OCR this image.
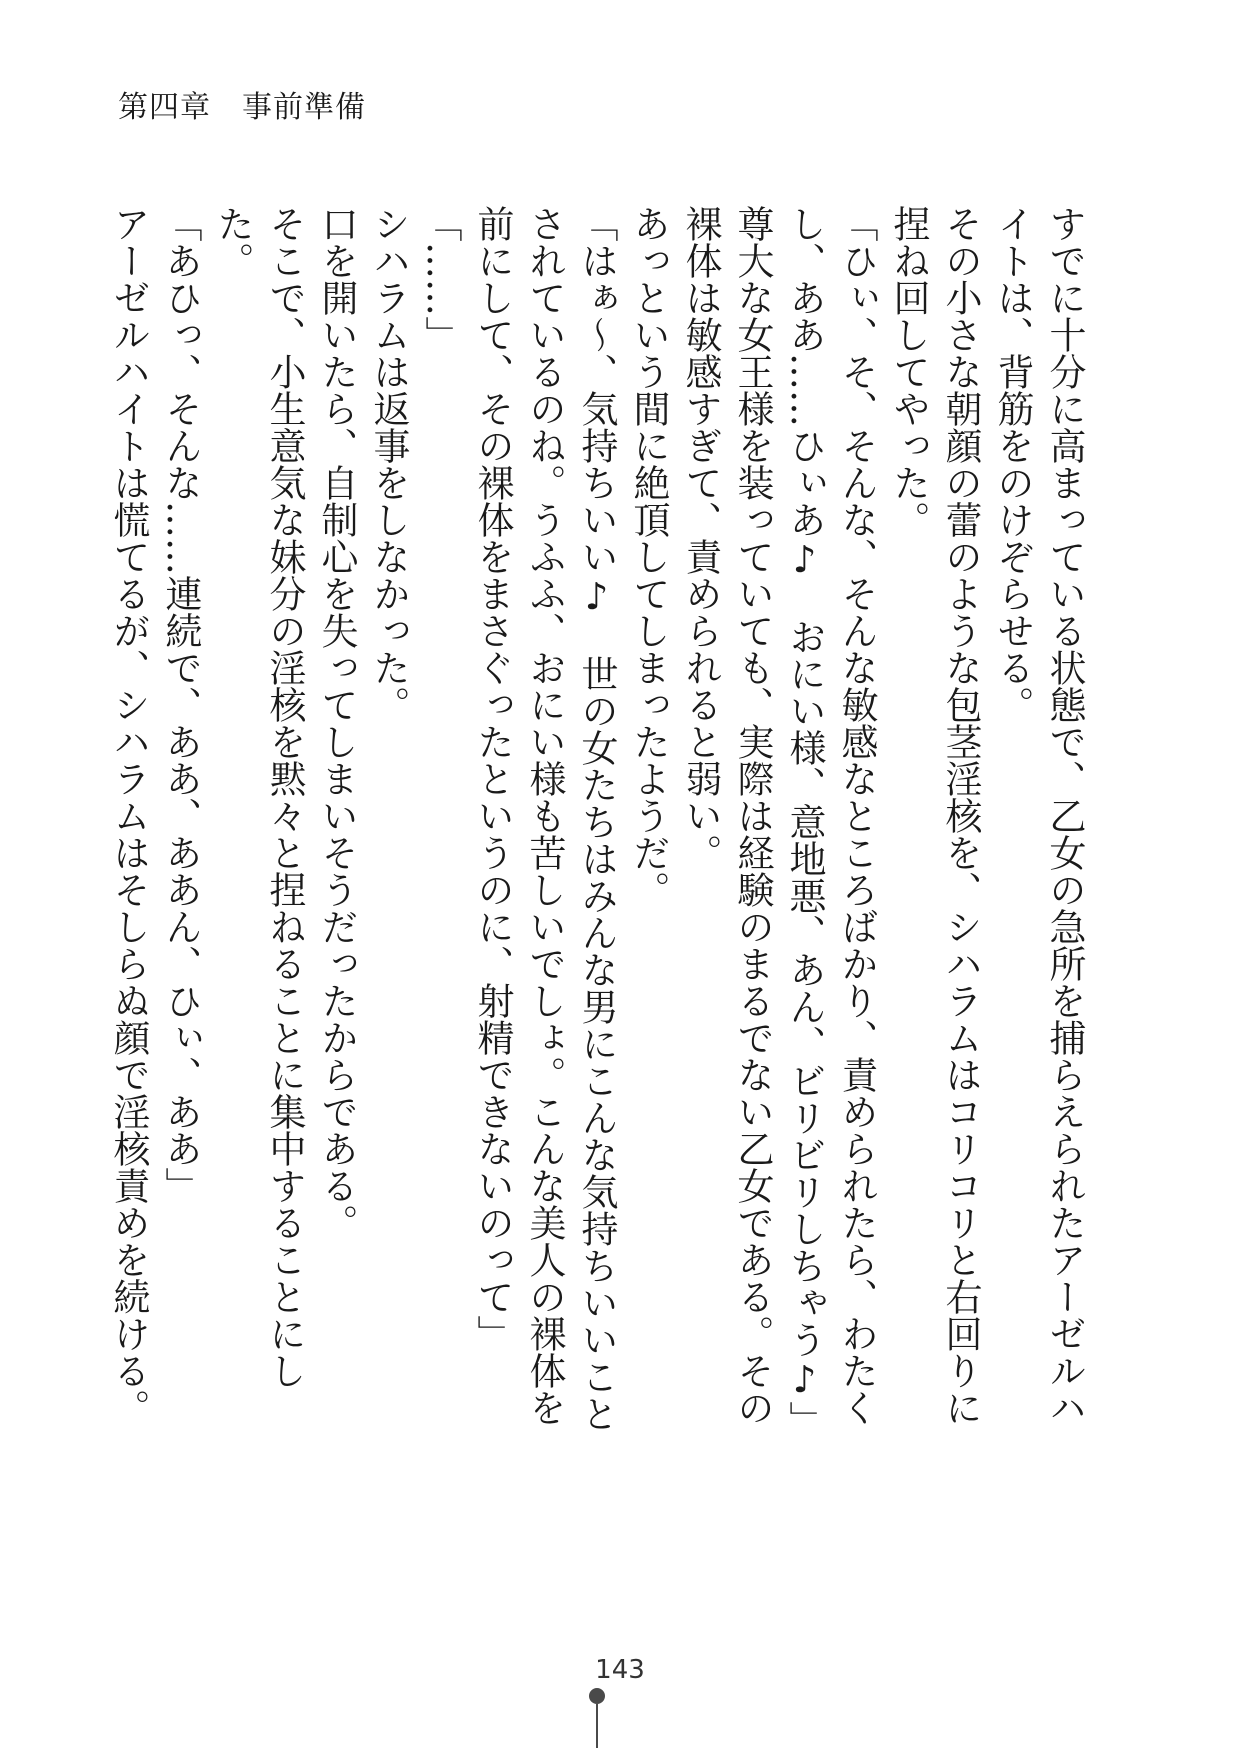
第四章　事前準備

すでに十分に高まっている状態で、乙女の急所を捕らえられたアーゼルハイトは、背筋をのけぞらせる。

その小さな朝顔の蕾のような包茎淫核を、シハラムはコリコリと右回りに捏ね回してやった。

「ひぃ、そ、そんな、そんな敏感なところばかり、責められたら、わたくし、ああ……ひぃあ♪　おにい様、意地悪、あん、ビリビリしちゃう♪」

尊大な女王様を装っていても、実際は経験のまるでない乙女である。その裸体は敏感すぎて、責められると弱い。

あっという間に絶頂してしまったようだ。

「はぁ～、気持ちいい♪　世の女たちはみんな男にこんな気持ちいいことされているのね。うふふ、おにい様も苦しいでしょ。こんな美人の裸体を前にして、その裸体をまさぐったというのに、射精できないのって」

「……」

シハラムは返事をしなかった。

口を開いたら、自制心を失ってしまいそうだったからである。

そこで、小生意気な妹分の淫核を黙々と捏ねることに集中することにした。

「あひっ、そんな……連続で、ああ、ああん、ひぃ、ああ」

アーゼルハイトは慌てるが、シハラムはそしらぬ顔で淫核責めを続ける。

143
